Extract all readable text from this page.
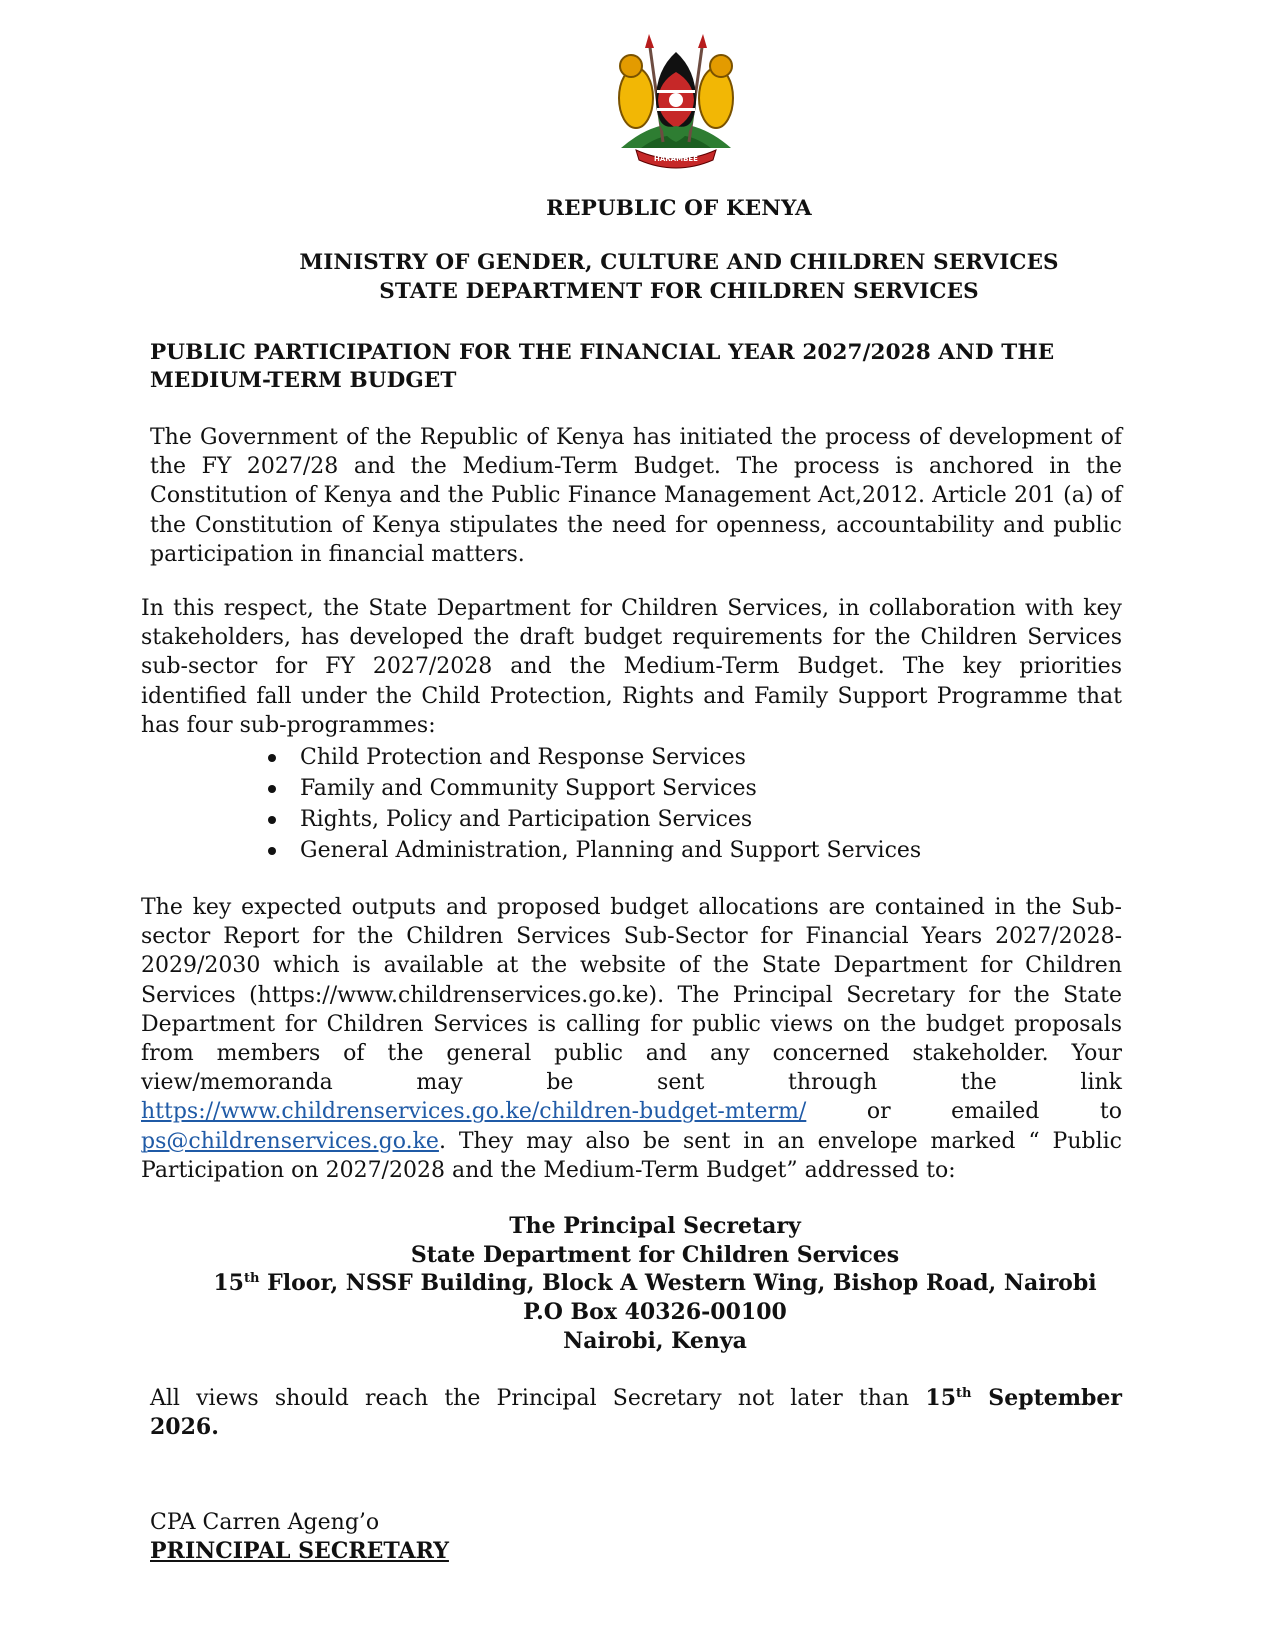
HARAMBEE
REPUBLIC OF KENYA
MINISTRY OF GENDER, CULTURE AND CHILDREN SERVICES
STATE DEPARTMENT FOR CHILDREN SERVICES
PUBLIC PARTICIPATION FOR THE FINANCIAL YEAR 2027/2028 AND THE
MEDIUM-TERM BUDGET
The Government of the Republic of Kenya has initiated the process of development of the FY 2027/28 and the Medium-Term Budget. The process is anchored in the Constitution of Kenya and the Public Finance Management Act,2012. Article 201 (a) of the Constitution of Kenya stipulates the need for openness, accountability and public participation in financial matters.
In this respect, the State Department for Children Services, in collaboration with key stakeholders, has developed the draft budget requirements for the Children Services sub-sector for FY 2027/2028 and the Medium-Term Budget. The key priorities identified fall under the Child Protection, Rights and Family Support Programme that has four sub-programmes:
Child Protection and Response Services
Family and Community Support Services
Rights, Policy and Participation Services
General Administration, Planning and Support Services
The key expected outputs and proposed budget allocations are contained in the Sub-sector Report for the Children Services Sub-Sector for Financial Years 2027/2028-2029/2030 which is available at the website of the State Department for Children Services (https://www.childrenservices.go.ke). The Principal Secretary for the State Department for Children Services is calling for public views on the budget proposals from members of the general public and any concerned stakeholder. Your view/memoranda may be sent through the link https://www.childrenservices.go.ke/children-budget-mterm/	or emailed to ps@childrenservices.go.ke. They may also be sent in an envelope marked “ Public Participation on 2027/2028 and the Medium-Term Budget” addressed to:
The Principal Secretary
State Department for Children Services
15th Floor, NSSF Building, Block A Western Wing, Bishop Road, Nairobi
P.O Box 40326-00100
Nairobi, Kenya
All views should reach the Principal Secretary not later than 15th September
2026.
CPA Carren Ageng’o
PRINCIPAL SECRETARY
